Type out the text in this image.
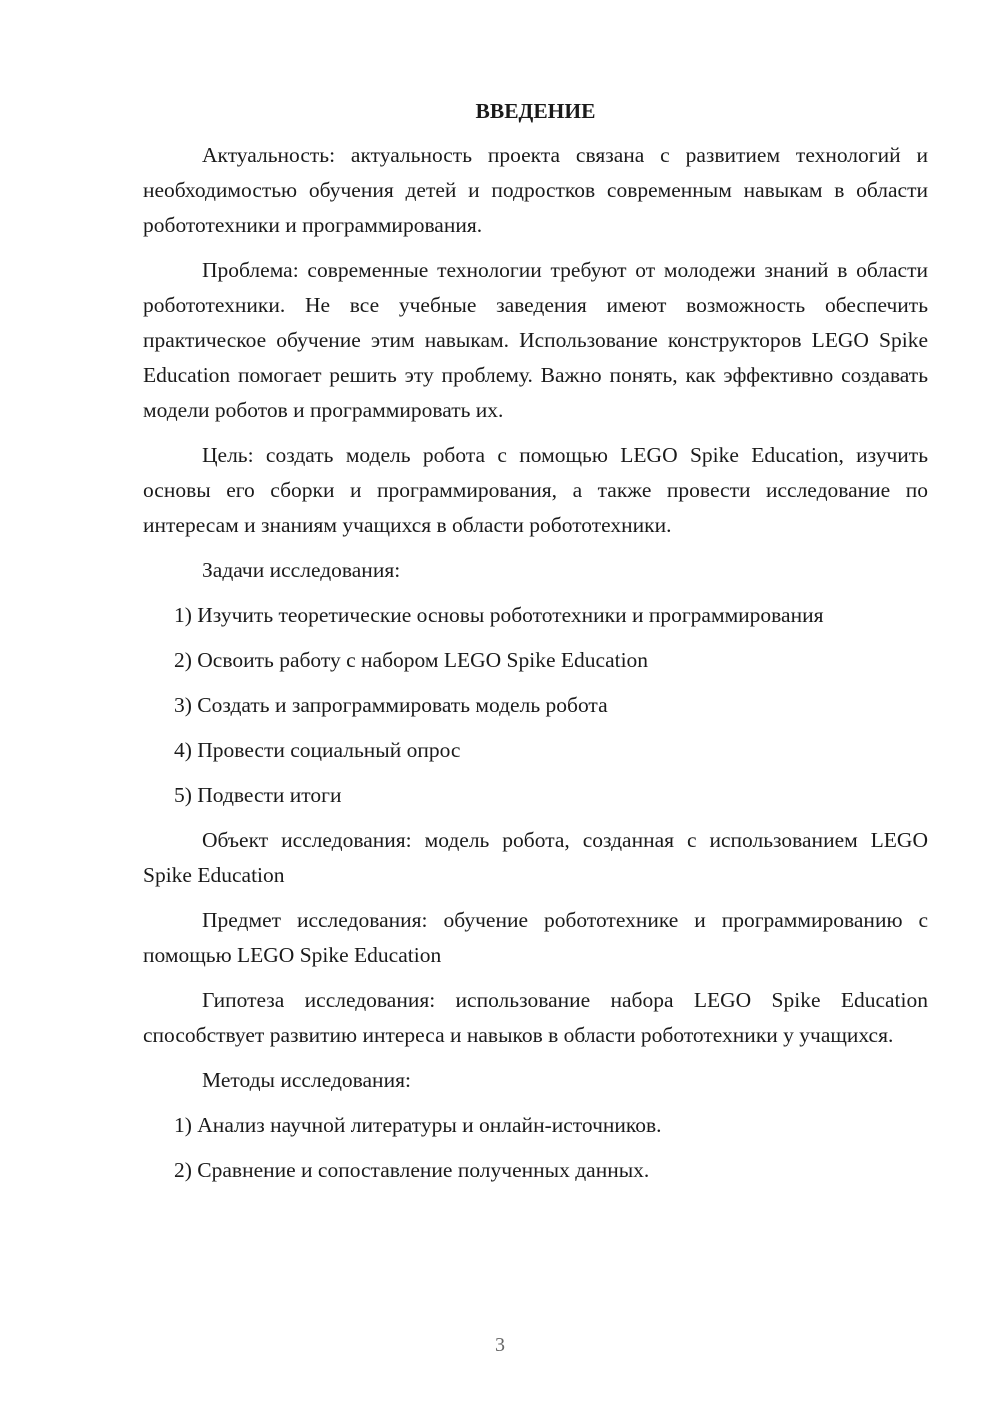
ВВЕДЕНИЕ

Актуальность: актуальность проекта связана с развитием технологий и необходимостью обучения детей и подростков современным навыкам в области робототехники и программирования.

Проблема: современные технологии требуют от молодежи знаний в области робототехники. Не все учебные заведения имеют возможность обеспечить практическое обучение этим навыкам. Использование конструкторов LEGO Spike Education помогает решить эту проблему. Важно понять, как эффективно создавать модели роботов и программировать их.

Цель: создать модель робота с помощью LEGO Spike Education, изучить основы его сборки и программирования, а также провести исследование по интересам и знаниям учащихся в области робототехники.

Задачи исследования:

1) Изучить теоретические основы робототехники и программирования
2) Освоить работу с набором LEGO Spike Education
3) Создать и запрограммировать модель робота
4) Провести социальный опрос
5) Подвести итоги

Объект исследования: модель робота, созданная с использованием LEGO Spike Education

Предмет исследования: обучение робототехнике и программированию с помощью LEGO Spike Education

Гипотеза исследования: использование набора LEGO Spike Education способствует развитию интереса и навыков в области робототехники у учащихся.

Методы исследования:

1) Анализ научной литературы и онлайн-источников.
2) Сравнение и сопоставление полученных данных.
3
